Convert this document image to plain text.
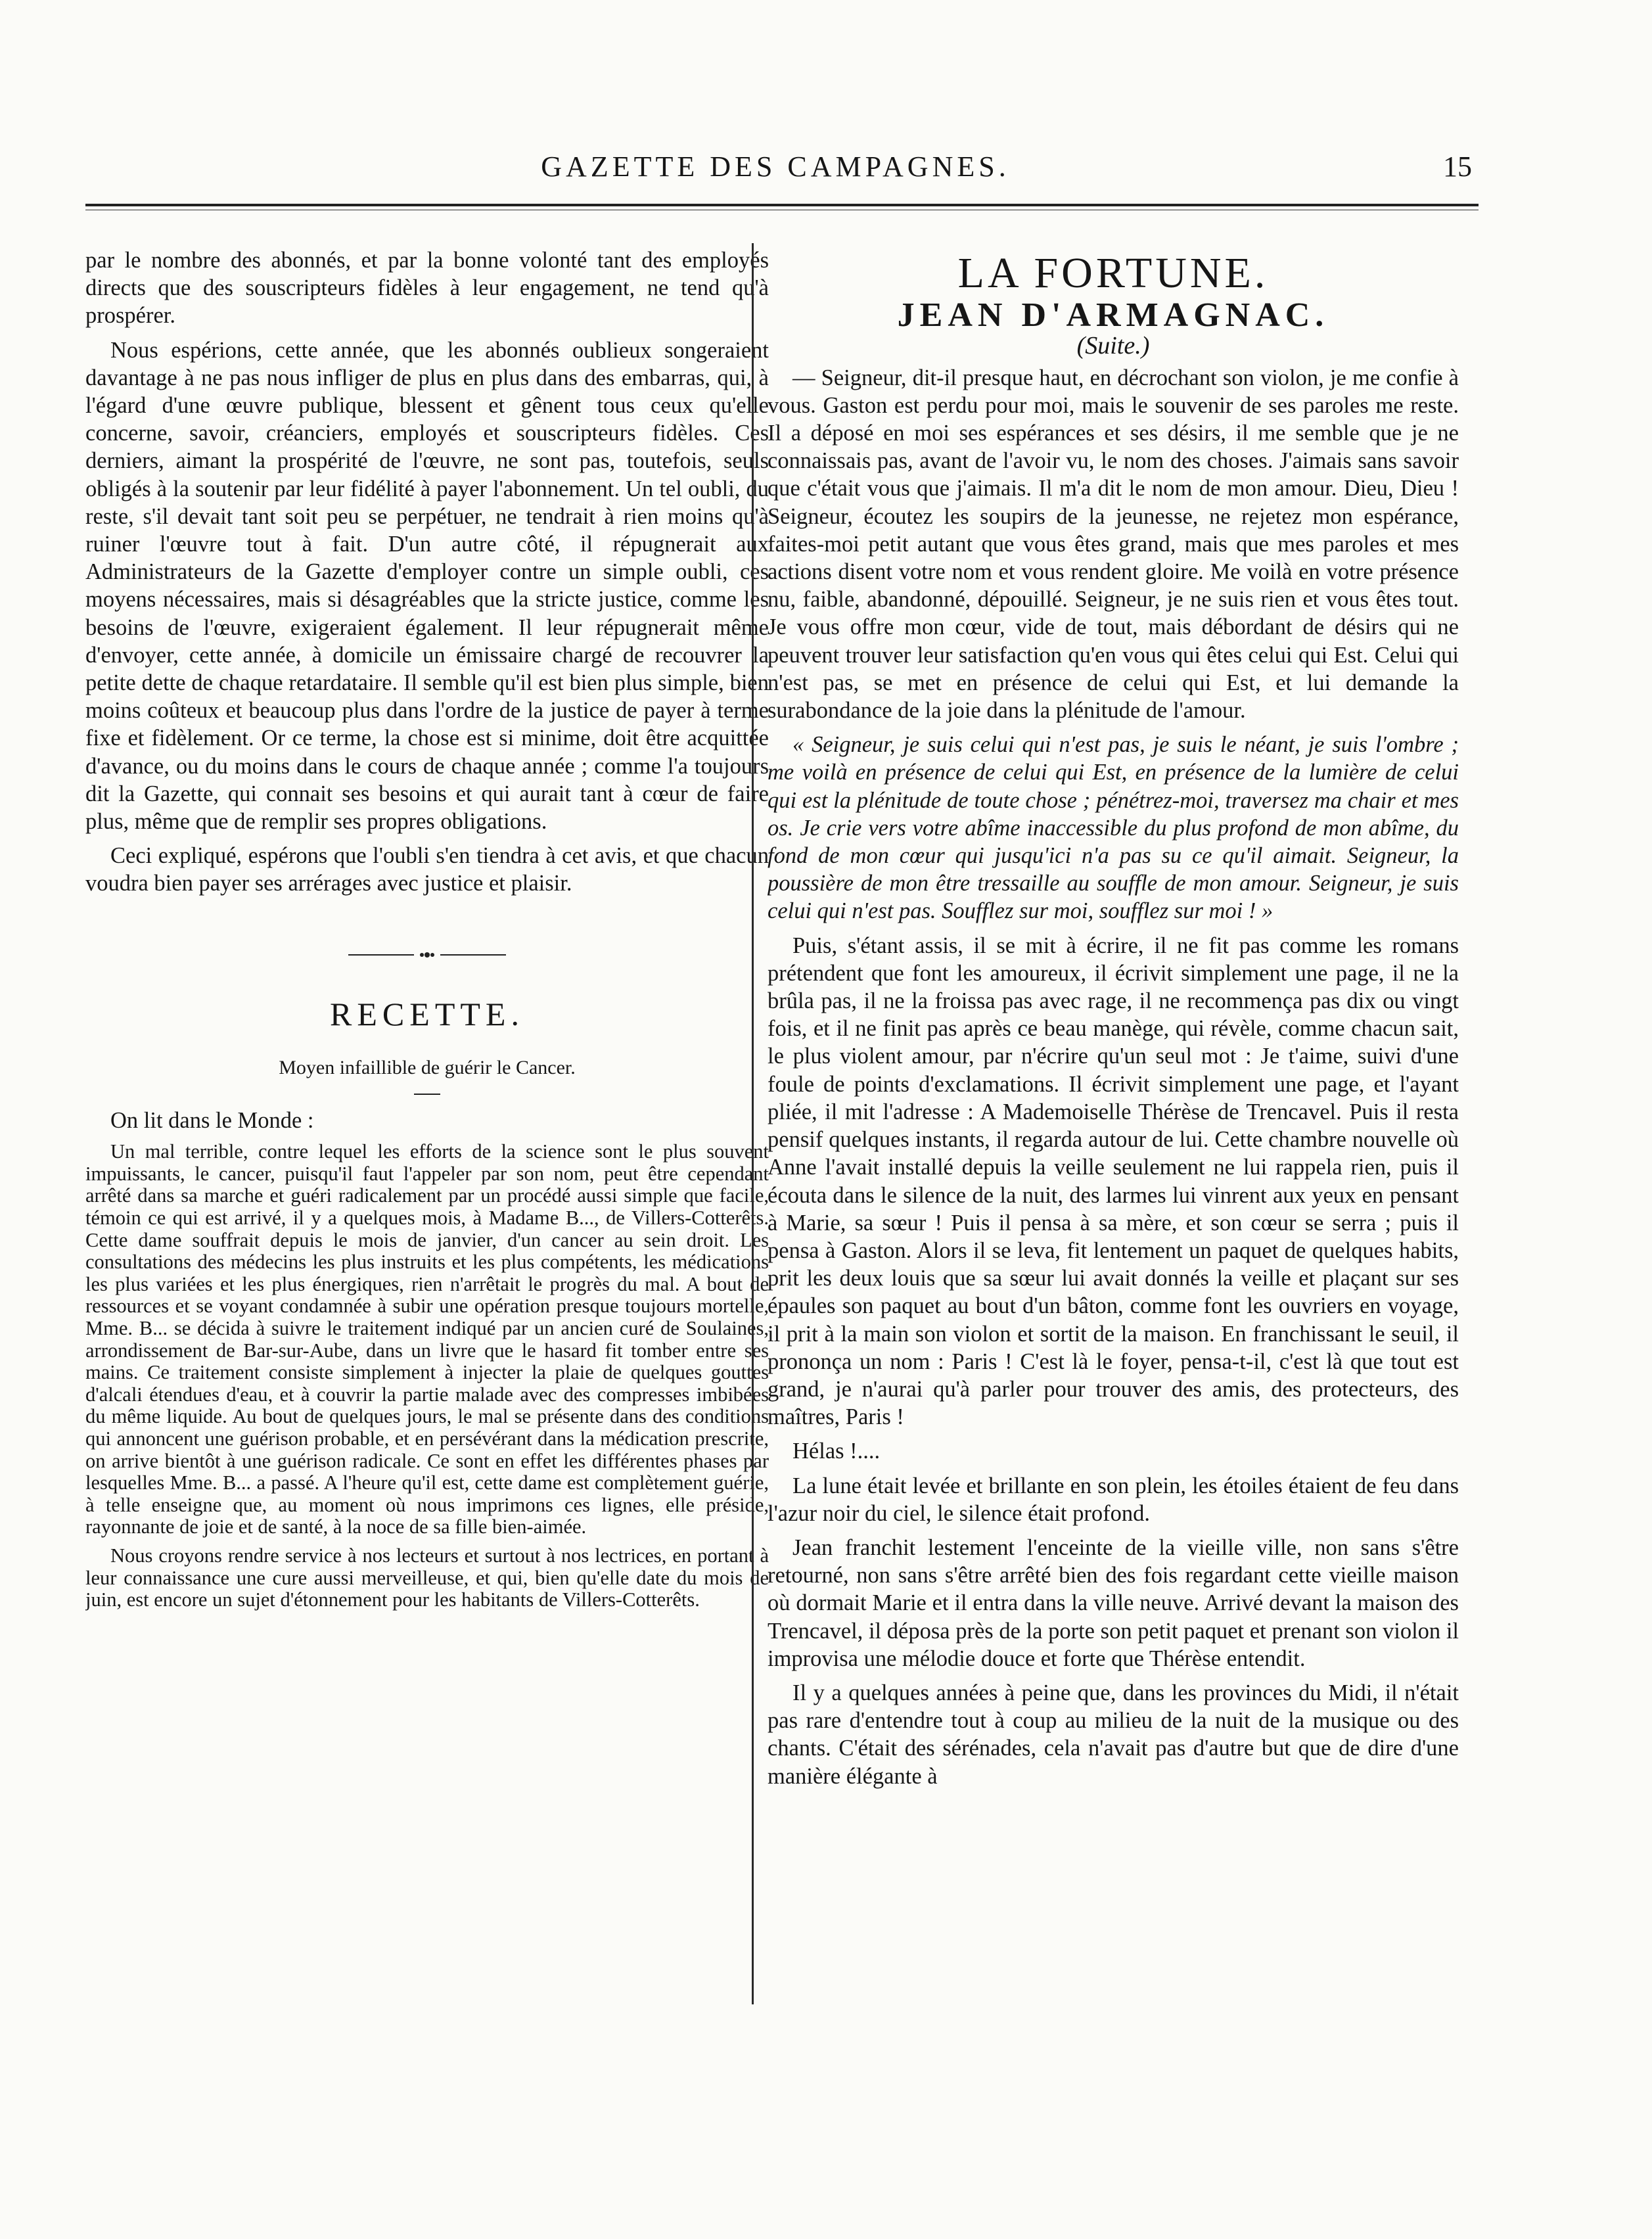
GAZETTE DES CAMPAGNES.	15

par le nombre des abonnés, et par la bonne volonté tant des employés directs que des souscripteurs fidèles à leur engagement, ne tend qu'à prospérer.

Nous espérions, cette année, que les abonnés oublieux songeraient davantage à ne pas nous infliger de plus en plus dans des embarras, qui, à l'égard d'une œuvre publique, blessent et gênent tous ceux qu'elle concerne, savoir, créanciers, employés et souscripteurs fidèles. Ces derniers, aimant la prospérité de l'œuvre, ne sont pas, toutefois, seuls obligés à la soutenir par leur fidélité à payer l'abonnement. Un tel oubli, du reste, s'il devait tant soit peu se perpétuer, ne tendrait à rien moins qu'à ruiner l'œuvre tout à fait. D'un autre côté, il répugnerait aux Administrateurs de la Gazette d'employer contre un simple oubli, ces moyens nécessaires, mais si désagréables que la stricte justice, comme les besoins de l'œuvre, exigeraient également. Il leur répugnerait même d'envoyer, cette année, à domicile un émissaire chargé de recouvrer la petite dette de chaque retardataire. Il semble qu'il est bien plus simple, bien moins coûteux et beaucoup plus dans l'ordre de la justice de payer à terme fixe et fidèlement. Or ce terme, la chose est si minime, doit être acquittée d'avance, ou du moins dans le cours de chaque année ; comme l'a toujours dit la Gazette, qui connait ses besoins et qui aurait tant à cœur de faire plus, même que de remplir ses propres obligations.

Ceci expliqué, espérons que l'oubli s'en tiendra à cet avis, et que chacun voudra bien payer ses arrérages avec justice et plaisir.

RECETTE.
Moyen infaillible de guérir le Cancer.

On lit dans le Monde :

Un mal terrible, contre lequel les efforts de la science sont le plus souvent impuissants, le cancer, puisqu'il faut l'appeler par son nom, peut être cependant arrêté dans sa marche et guéri radicalement par un procédé aussi simple que facile, témoin ce qui est arrivé, il y a quelques mois, à Madame B..., de Villers-Cotterêts. Cette dame souffrait depuis le mois de janvier, d'un cancer au sein droit. Les consultations des médecins les plus instruits et les plus compétents, les médications les plus variées et les plus énergiques, rien n'arrêtait le progrès du mal. A bout de ressources et se voyant condamnée à subir une opération presque toujours mortelle, Mme. B... se décida à suivre le traitement indiqué par un ancien curé de Soulaines, arrondissement de Bar-sur-Aube, dans un livre que le hasard fit tomber entre ses mains. Ce traitement consiste simplement à injecter la plaie de quelques gouttes d'alcali étendues d'eau, et à couvrir la partie malade avec des compresses imbibées du même liquide. Au bout de quelques jours, le mal se présente dans des conditions qui annoncent une guérison probable, et en persévérant dans la médication prescrite, on arrive bientôt à une guérison radicale. Ce sont en effet les différentes phases par lesquelles Mme. B... a passé. A l'heure qu'il est, cette dame est complètement guérie, à telle enseigne que, au moment où nous imprimons ces lignes, elle préside, rayonnante de joie et de santé, à la noce de sa fille bien-aimée.

Nous croyons rendre service à nos lecteurs et surtout à nos lectrices, en portant à leur connaissance une cure aussi merveilleuse, et qui, bien qu'elle date du mois de juin, est encore un sujet d'étonnement pour les habitants de Villers-Cotterêts.

LA FORTUNE.
JEAN D'ARMAGNAC.
(Suite.)

— Seigneur, dit-il presque haut, en décrochant son violon, je me confie à vous. Gaston est perdu pour moi, mais le souvenir de ses paroles me reste. Il a déposé en moi ses espérances et ses désirs, il me semble que je ne connaissais pas, avant de l'avoir vu, le nom des choses. J'aimais sans savoir que c'était vous que j'aimais. Il m'a dit le nom de mon amour. Dieu, Dieu ! Seigneur, écoutez les soupirs de la jeunesse, ne rejetez mon espérance, faites-moi petit autant que vous êtes grand, mais que mes paroles et mes actions disent votre nom et vous rendent gloire. Me voilà en votre présence nu, faible, abandonné, dépouillé. Seigneur, je ne suis rien et vous êtes tout. Je vous offre mon cœur, vide de tout, mais débordant de désirs qui ne peuvent trouver leur satisfaction qu'en vous qui êtes celui qui Est. Celui qui n'est pas, se met en présence de celui qui Est, et lui demande la surabondance de la joie dans la plénitude de l'amour.

« Seigneur, je suis celui qui n'est pas, je suis le néant, je suis l'ombre ; me voilà en présence de celui qui Est, en présence de la lumière de celui qui est la plénitude de toute chose ; pénétrez-moi, traversez ma chair et mes os. Je crie vers votre abîme inaccessible du plus profond de mon abîme, du fond de mon cœur qui jusqu'ici n'a pas su ce qu'il aimait. Seigneur, la poussière de mon être tressaille au souffle de mon amour. Seigneur, je suis celui qui n'est pas. Soufflez sur moi, soufflez sur moi ! »

Puis, s'étant assis, il se mit à écrire, il ne fit pas comme les romans prétendent que font les amoureux, il écrivit simplement une page, il ne la brûla pas, il ne la froissa pas avec rage, il ne recommença pas dix ou vingt fois, et il ne finit pas après ce beau manège, qui révèle, comme chacun sait, le plus violent amour, par n'écrire qu'un seul mot : Je t'aime, suivi d'une foule de points d'exclamations. Il écrivit simplement une page, et l'ayant pliée, il mit l'adresse : A Mademoiselle Thérèse de Trencavel. Puis il resta pensif quelques instants, il regarda autour de lui. Cette chambre nouvelle où Anne l'avait installé depuis la veille seulement ne lui rappela rien, puis il écouta dans le silence de la nuit, des larmes lui vinrent aux yeux en pensant à Marie, sa sœur ! Puis il pensa à sa mère, et son cœur se serra ; puis il pensa à Gaston. Alors il se leva, fit lentement un paquet de quelques habits, prit les deux louis que sa sœur lui avait donnés la veille et plaçant sur ses épaules son paquet au bout d'un bâton, comme font les ouvriers en voyage, il prit à la main son violon et sortit de la maison. En franchissant le seuil, il prononça un nom : Paris ! C'est là le foyer, pensa-t-il, c'est là que tout est grand, je n'aurai qu'à parler pour trouver des amis, des protecteurs, des maîtres, Paris !

Hélas !....

La lune était levée et brillante en son plein, les étoiles étaient de feu dans l'azur noir du ciel, le silence était profond.

Jean franchit lestement l'enceinte de la vieille ville, non sans s'être retourné, non sans s'être arrêté bien des fois regardant cette vieille maison où dormait Marie et il entra dans la ville neuve. Arrivé devant la maison des Trencavel, il déposa près de la porte son petit paquet et prenant son violon il improvisa une mélodie douce et forte que Thérèse entendit.

Il y a quelques années à peine que, dans les provinces du Midi, il n'était pas rare d'entendre tout à coup au milieu de la nuit de la musique ou des chants. C'était des sérénades, cela n'avait pas d'autre but que de dire d'une manière élégante à
